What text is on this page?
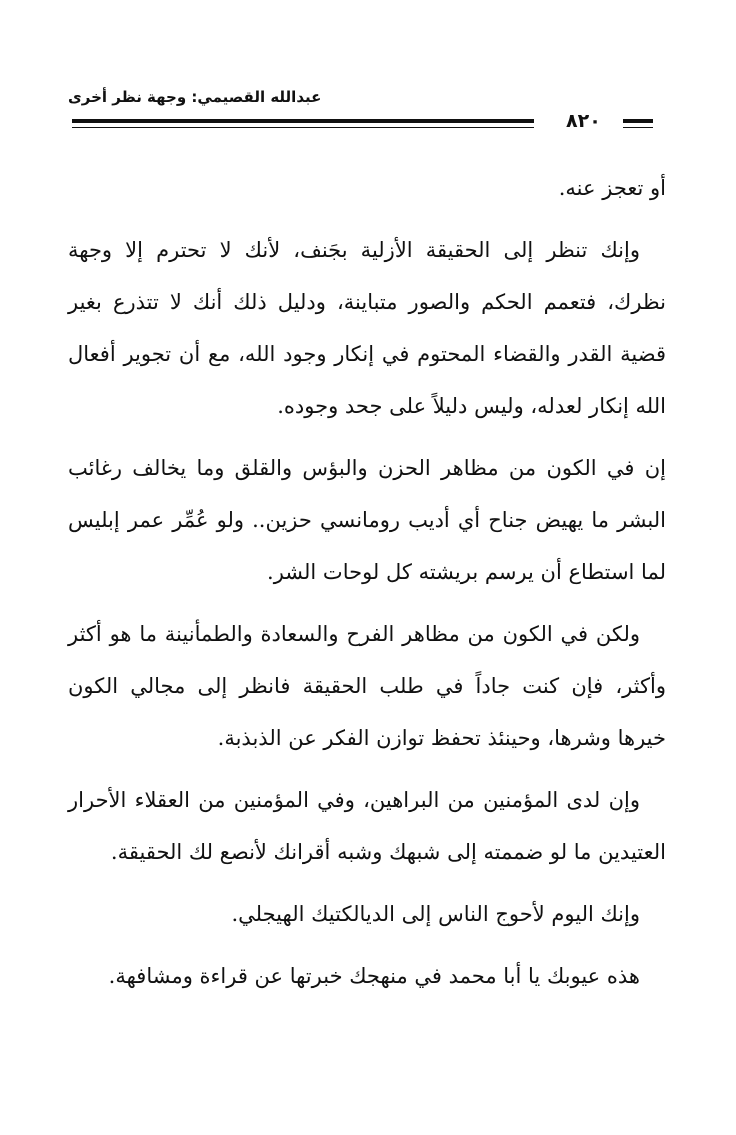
عبدالله القصيمي: وجهة نظر أخرى
٨٢٠

أو تعجز عنه.

وإنك تنظر إلى الحقيقة الأزلية بجَنف، لأنك لا تحترم إلا وجهة نظرك، فتعمم الحكم والصور متباينة، ودليل ذلك أنك لا تتذرع بغير قضية القدر والقضاء المحتوم في إنكار وجود الله، مع أن تجوير أفعال الله إنكار لعدله، وليس دليلاً على جحد وجوده.

إن في الكون من مظاهر الحزن والبؤس والقلق وما يخالف رغائب البشر ما يهيض جناح أي أديب رومانسي حزين.. ولو عُمِّر عمر إبليس لما استطاع أن يرسم بريشته كل لوحات الشر.

ولكن في الكون من مظاهر الفرح والسعادة والطمأنينة ما هو أكثر وأكثر، فإن كنت جاداً في طلب الحقيقة فانظر إلى مجالي الكون خيرها وشرها، وحينئذ تحفظ توازن الفكر عن الذبذبة.

وإن لدى المؤمنين من البراهين، وفي المؤمنين من العقلاء الأحرار العتيدين ما لو ضممته إلى شبهك وشبه أقرانك لأنصع لك الحقيقة.

وإنك اليوم لأحوج الناس إلى الديالكتيك الهيجلي.

هذه عيوبك يا أبا محمد في منهجك خبرتها عن قراءة ومشافهة.
